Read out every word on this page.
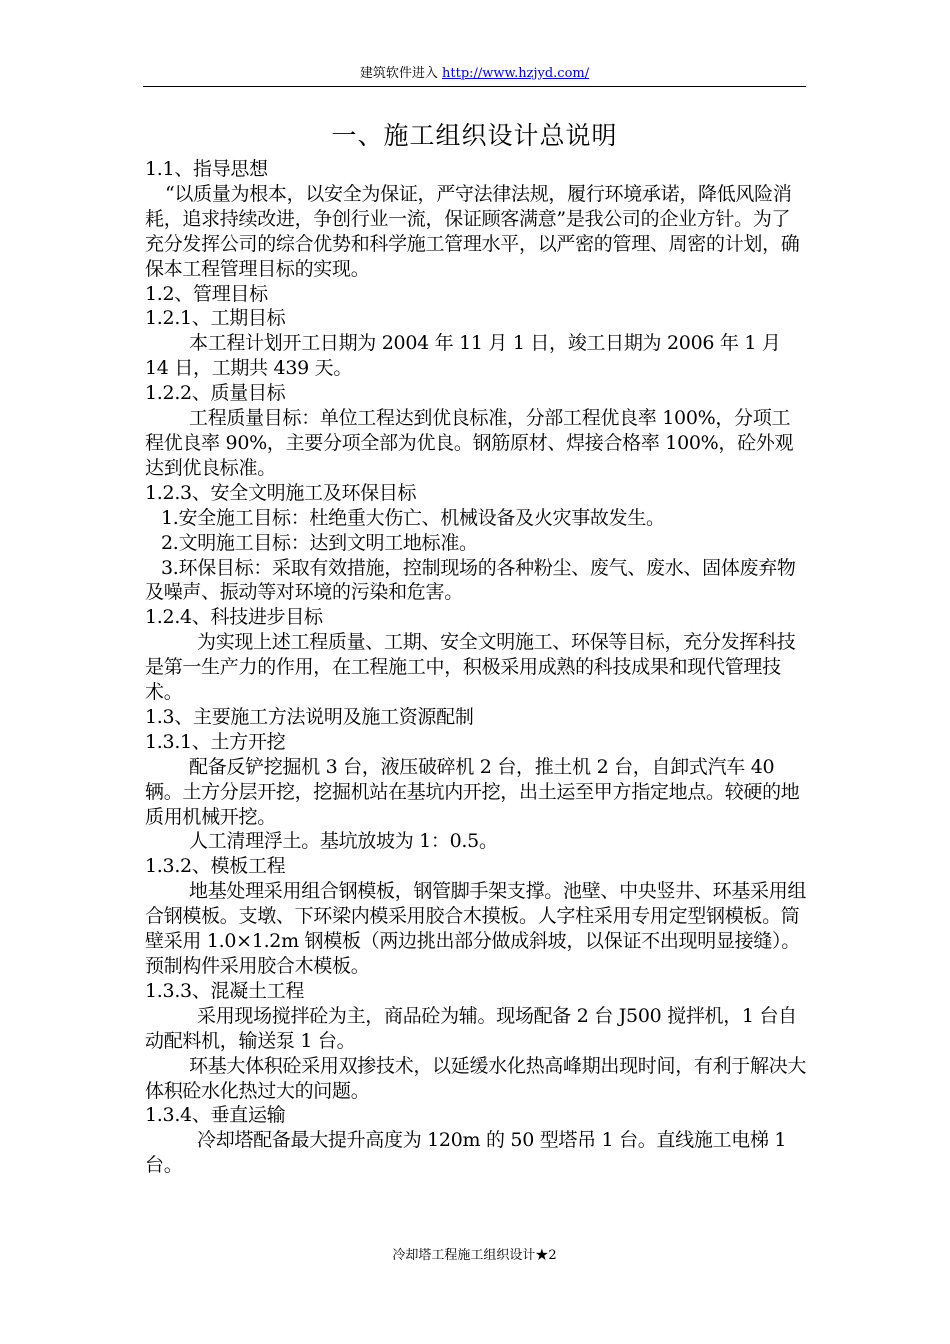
建筑软件进入 http://www.hzjyd.com/
一、施工组织设计总说明

1.1、指导思想

“以质量为根本，以安全为保证，严守法律法规，履行环境承诺，降低风险消耗，追求持续改进，争创行业一流，保证顾客满意”是我公司的企业方针。为了充分发挥公司的综合优势和科学施工管理水平，以严密的管理、周密的计划，确保本工程管理目标的实现。

1.2、管理目标

1.2.1、工期目标

本工程计划开工日期为 2004 年 11 月 1 日，竣工日期为 2006 年 1 月 14 日，工期共 439 天。

1.2.2、质量目标

工程质量目标：单位工程达到优良标准，分部工程优良率 100%，分项工程优良率 90%，主要分项全部为优良。钢筋原材、焊接合格率 100%，砼外观达到优良标准。

1.2.3、安全文明施工及环保目标

1.安全施工目标：杜绝重大伤亡、机械设备及火灾事故发生。

2.文明施工目标：达到文明工地标准。

3.环保目标：采取有效措施，控制现场的各种粉尘、废气、废水、固体废弃物及噪声、振动等对环境的污染和危害。

1.2.4、科技进步目标

为实现上述工程质量、工期、安全文明施工、环保等目标，充分发挥科技是第一生产力的作用，在工程施工中，积极采用成熟的科技成果和现代管理技术。

1.3、主要施工方法说明及施工资源配制

1.3.1、土方开挖

配备反铲挖掘机 3 台，液压破碎机 2 台，推土机 2 台，自卸式汽车 40 辆。土方分层开挖，挖掘机站在基坑内开挖，出土运至甲方指定地点。较硬的地质用机械开挖。

人工清理浮土。基坑放坡为 1：0.5。

1.3.2、模板工程

地基处理采用组合钢模板，钢管脚手架支撑。池壁、中央竖井、环基采用组合钢模板。支墩、下环梁内模采用胶合木摸板。人字柱采用专用定型钢模板。筒壁采用 1.0×1.2m 钢模板（两边挑出部分做成斜坡，以保证不出现明显接缝）。预制构件采用胶合木模板。

1.3.3、混凝土工程

采用现场搅拌砼为主，商品砼为辅。现场配备 2 台 J500 搅拌机，1 台自动配料机，输送泵 1 台。

环基大体积砼采用双掺技术，以延缓水化热高峰期出现时间，有利于解决大体积砼水化热过大的问题。

1.3.4、垂直运输

冷却塔配备最大提升高度为 120m 的 50 型塔吊 1 台。直线施工电梯 1 台。

冷却塔工程施工组织设计★2
